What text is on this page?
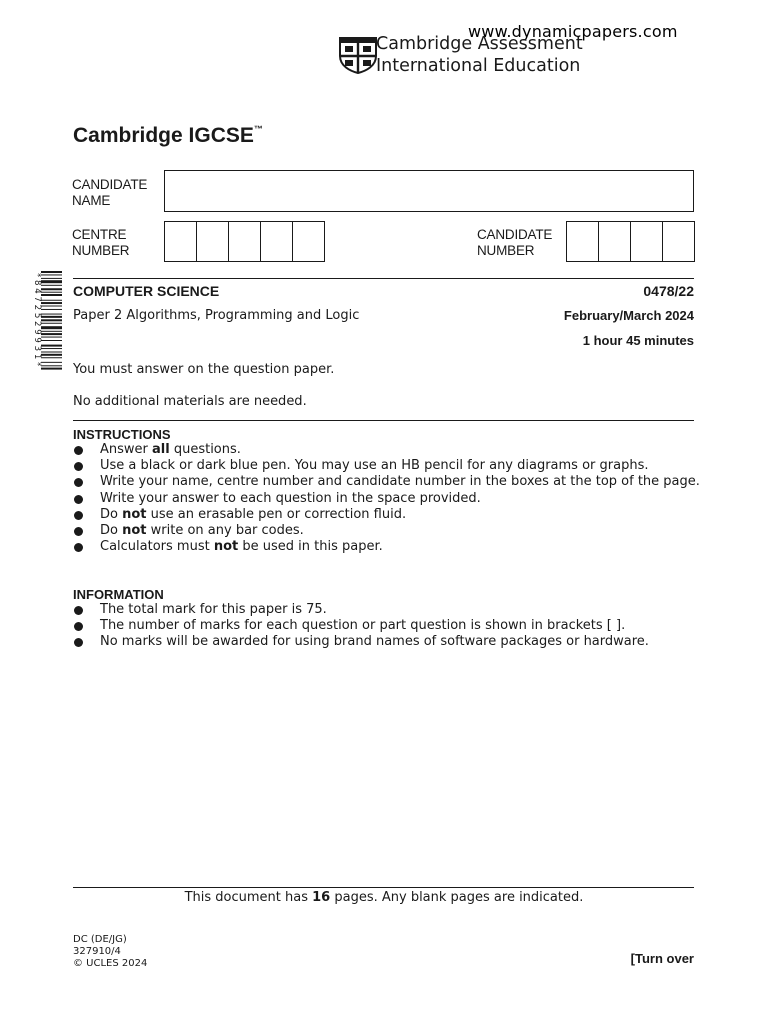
www.dynamicpapers.com
Cambridge Assessment
International Education
Cambridge IGCSE™
CANDIDATE
NAME
CENTRE
NUMBER
CANDIDATE
NUMBER
* 8 4 7 2 5 2 9 9 3 1 * COMPUTER SCIENCE	0478/22
Paper 2 Algorithms, Programming and Logic	February/March 2024
1 hour 45 minutes
You must answer on the question paper.
No additional materials are needed.
INSTRUCTIONS
Answer all questions.
Use a black or dark blue pen. You may use an HB pencil for any diagrams or graphs.
Write your name, centre number and candidate number in the boxes at the top of the page.
Write your answer to each question in the space provided.
Do not use an erasable pen or correction fluid.
Do not write on any bar codes.
Calculators must not be used in this paper.
INFORMATION
The total mark for this paper is 75.
The number of marks for each question or part question is shown in brackets [ ].
No marks will be awarded for using brand names of software packages or hardware.
This document has 16 pages. Any blank pages are indicated.
DC (DE/JG)
327910/4
© UCLES 2024	[Turn over
